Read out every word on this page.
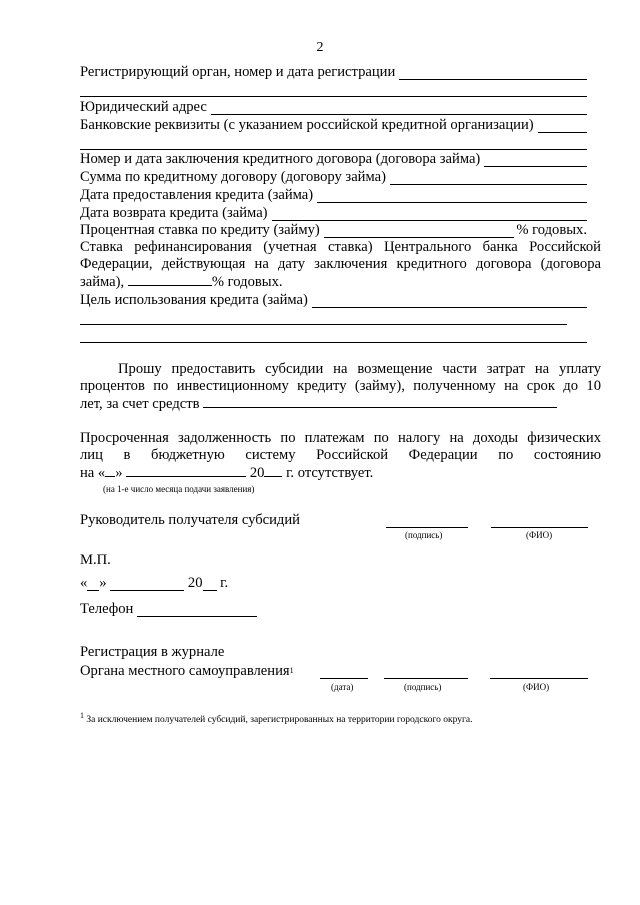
2
Регистрирующий орган, номер и дата регистрации
Юридический адрес
Банковские реквизиты (с указанием российской кредитной организации)
Номер и дата заключения кредитного договора (договора займа)
Сумма по кредитному договору (договору займа)
Дата предоставления кредита (займа)
Дата возврата кредита (займа)
Процентная ставка по кредиту (займу)	% годовых.
Ставка рефинансирования (учетная ставка) Центрального банка Российской
Федерации, действующая на дату заключения кредитного договора (договора
займа),	% годовых.
Цель использования кредита (займа)
Прошу предоставить субсидии на возмещение части затрат на уплату
процентов по инвестиционному кредиту (займу), полученному на срок до 10
лет, за счет средств
Просроченная задолженность по платежам по налогу на доходы физических
лиц в бюджетную систему Российской Федерации по состоянию
на « »	20 г. отсутствует.
(на 1-е число месяца подачи заявления)
Руководитель получателя субсидий
(подпись)	(ФИО)
М.П.
« »

	20
г.
Телефон

Регистрация в журнале
Органа местного самоуправления 1
(дата)	(подпись)	(ФИО)
$^1$ За исключением получателей субсидий, зарегистрированных на территории городского округа.
